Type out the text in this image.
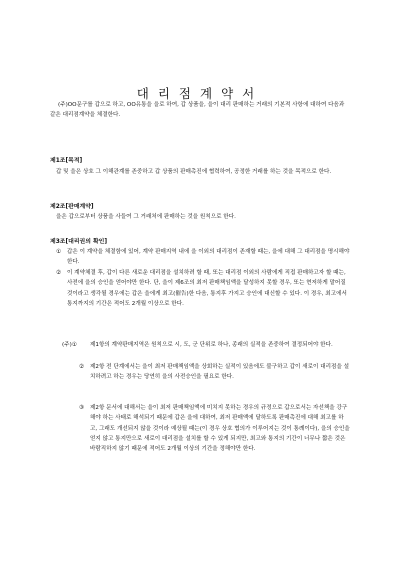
대리점계약서

(주)OO문구를 갑으로 하고, OO유통을 을로 하여, 갑 상품을, 을이 대리 판매하는 거래의 기본적 사항에 대하여 다음과 같은 대리점계약을 체결한다.

제1조[목적]

갑 및 을은 상호 그 이해관계를 존중하고 갑 상품의 판매촉진에 협력하여, 공정한 거래를 하는 것을 목적으로 한다.

제2조[판매계약]

을은 갑으로부터 상품을 사들여 그 거래처에 판매하는 것을 원칙으로 한다.

제3조[대리권의 확인]

① 갑은 이 계약을 체결함에 있어, 계약 판매지역 내에 을 이외의 대리점이 존재할 때는, 을에 대해 그 대리점을 명시해야 한다.
② 이 계약체결 후, 갑이 다른 새로운 대리점을 설치하려 할 때, 또는 대리점 이외의 사람에게 직접 판매하고자 할 때는, 사전에 을의 승인을 얻어야만 한다. 단, 을이 제6조의 최저 판매책임액을 달성하지 못할 경우, 또는 현저하게 말어질 것이라고 생각될 경우에는 갑은 을에게 최고(催告)한 다음, 통지후 가지고 승인에 대신할 수 있다. 이 경우, 최고에서 통지까지의 기간은 적어도 2개월 이상으로 한다.
(주)① 제1항의 계약판매지역은 원칙으로 시, 도, 군 단위로 하나, 종래의 실적을 존중하여 결정되어야 한다.
② 제2항 전 단계에서는 을이 최저 판매책임액을 상회하는 실적이 있음에도 불구하고 갑이 새로이 대리점을 설치하려고 하는 경우는 당연히 을의 사전승인을 필요로 한다.
③ 제2항 문서에 대해서는 을이 최저 판매책임액에 미치지 못하는 경우의 규정으로 갑으로서는 자선책을 강구해야 하는 사태로 해석되기 때문에 갑은 을에 대하여, 최저 판매액에 달하도록 판매촉진에 대해 최고를 하고, 그래도 개선되지 않을 것이라 예상될 때는(이 경우 상호 협의가 이루어지는 것이 통례이다), 을의 승인을 얻지 않고 통지만으로 새로이 대리점을 설치를 할 수 있게 되지만, 최고와 통지의 기간이 너무나 짧은 것은 바람직하지 않기 때문에 적어도 2개월 이상의 기간을 정해야만 한다.
